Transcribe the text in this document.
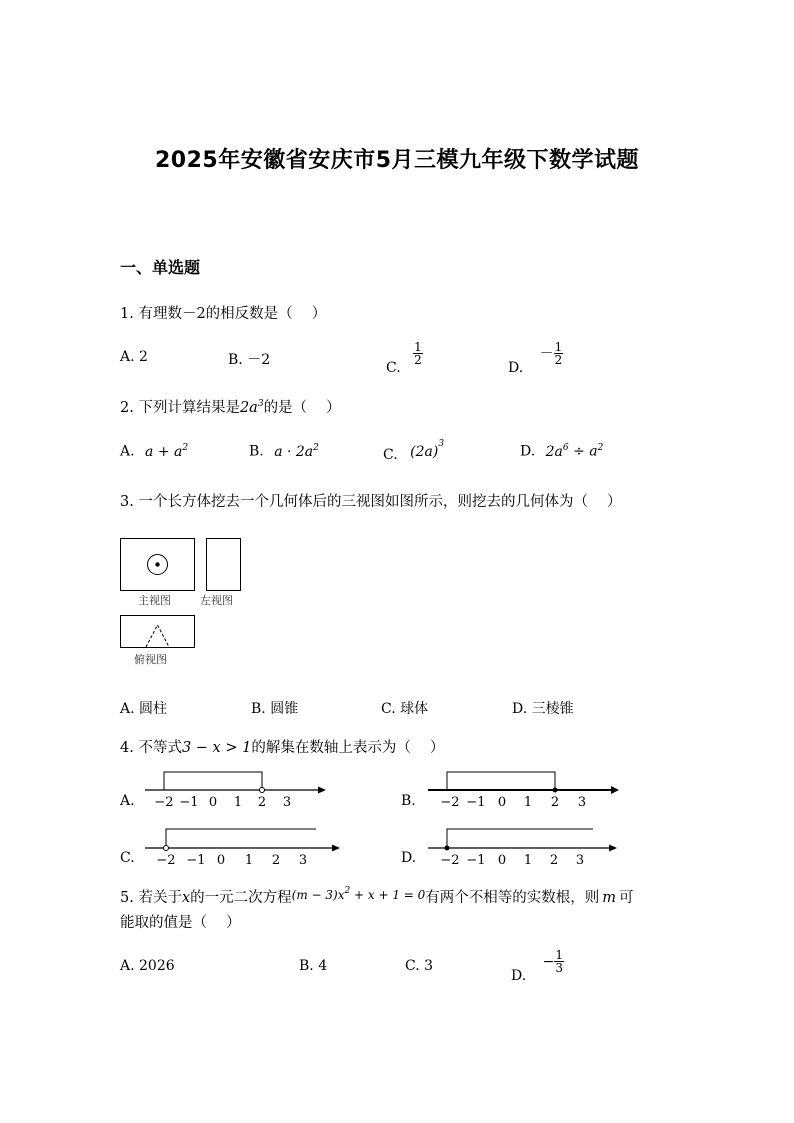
2025年安徽省安庆市5月三模九年级下数学试题
一、单选题
1. 有理数－2的相反数是（　 ）
A. 2	B. －2	C.
$\frac{1}{2}$
D. － $\frac{1}{2}$
2. 下列计算结果是$2a^3$的是（　 ）
A. $a + a^2$	B. $a \cdot 2a^2$	C. $(2a)^3$	D. $2a^6 \div a^2$
3. 一个长方体挖去一个几何体后的三视图如图所示，则挖去的几何体为（　 ）
主视图	左视图
俯视图
A. 圆柱	B. 圆锥	C. 球体	D. 三棱锥
4. 不等式3 − x > 1的解集在数轴上表示为（　 ）
A.	B.
C.	D.
−2 −1 0 1 2 3	−2 −1 0 1 2 3
−2 −1 0 1 2 3	−2 −1 0 1 2 3
5. 若关于x的一元二次方程$^{(m - 3)x2}$ $^{+ x + 1 = 0}$有两个不相等的实数根，则 m 可
能取的值是（　 ）
A. 2026	B. 4	C. 3
D. − $\frac{1}{3}$
